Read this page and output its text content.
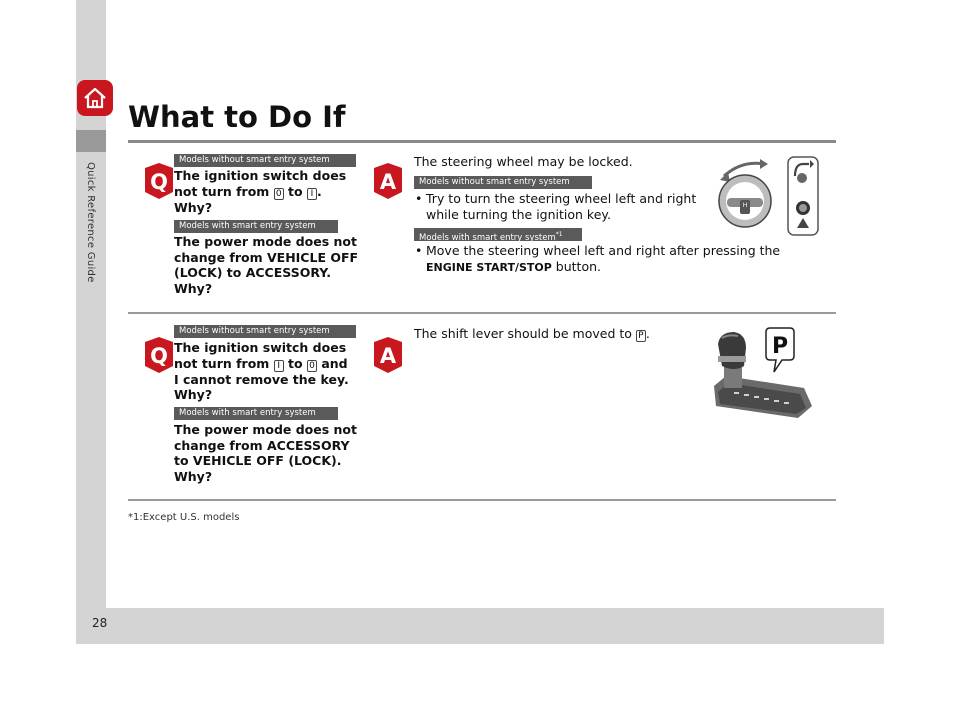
Quick Reference Guide
28
What to Do If
Q
Models without smart entry system
The ignition switch does
not turn from 0 to I .
Why?
Models with smart entry system
The power mode does not
change from VEHICLE OFF
(LOCK) to ACCESSORY.
Why?
A
The steering wheel may be locked.
Models without smart entry system
• Try to turn the steering wheel left and right
while turning the ignition key.
Models with smart entry system$^{*1}$
• Move the steering wheel left and right after pressing the
ENGINE START/STOP button.
H
Q
Models without smart entry system
The ignition switch does
not turn from I to 0 and
I cannot remove the key.
Why?
Models with smart entry system
The power mode does not
change from ACCESSORY
to VEHICLE OFF (LOCK).
Why?
A
The shift lever should be moved to P .
P
*1:Except U.S. models
